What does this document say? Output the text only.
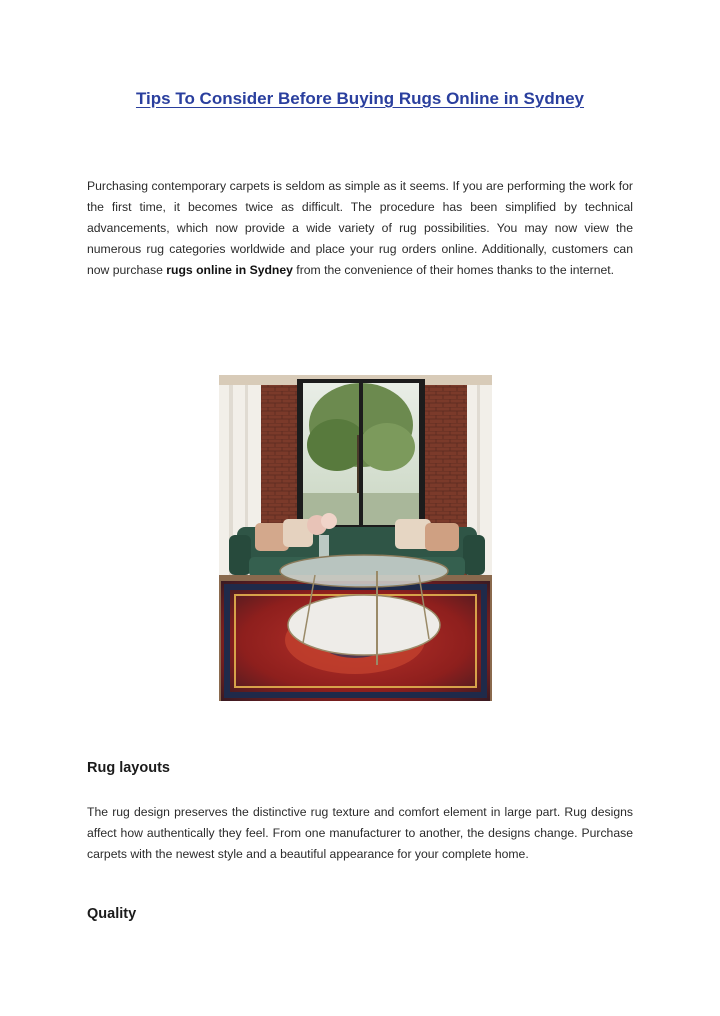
Tips To Consider Before Buying Rugs Online in Sydney
Purchasing contemporary carpets is seldom as simple as it seems. If you are performing the work for the first time, it becomes twice as difficult. The procedure has been simplified by technical advancements, which now provide a wide variety of rug possibilities. You may now view the numerous rug categories worldwide and place your rug orders online. Additionally, customers can now purchase rugs online in Sydney from the convenience of their homes thanks to the internet.
Rug layouts
The rug design preserves the distinctive rug texture and comfort element in large part. Rug designs affect how authentically they feel. From one manufacturer to another, the designs change. Purchase carpets with the newest style and a beautiful appearance for your complete home.
Quality
